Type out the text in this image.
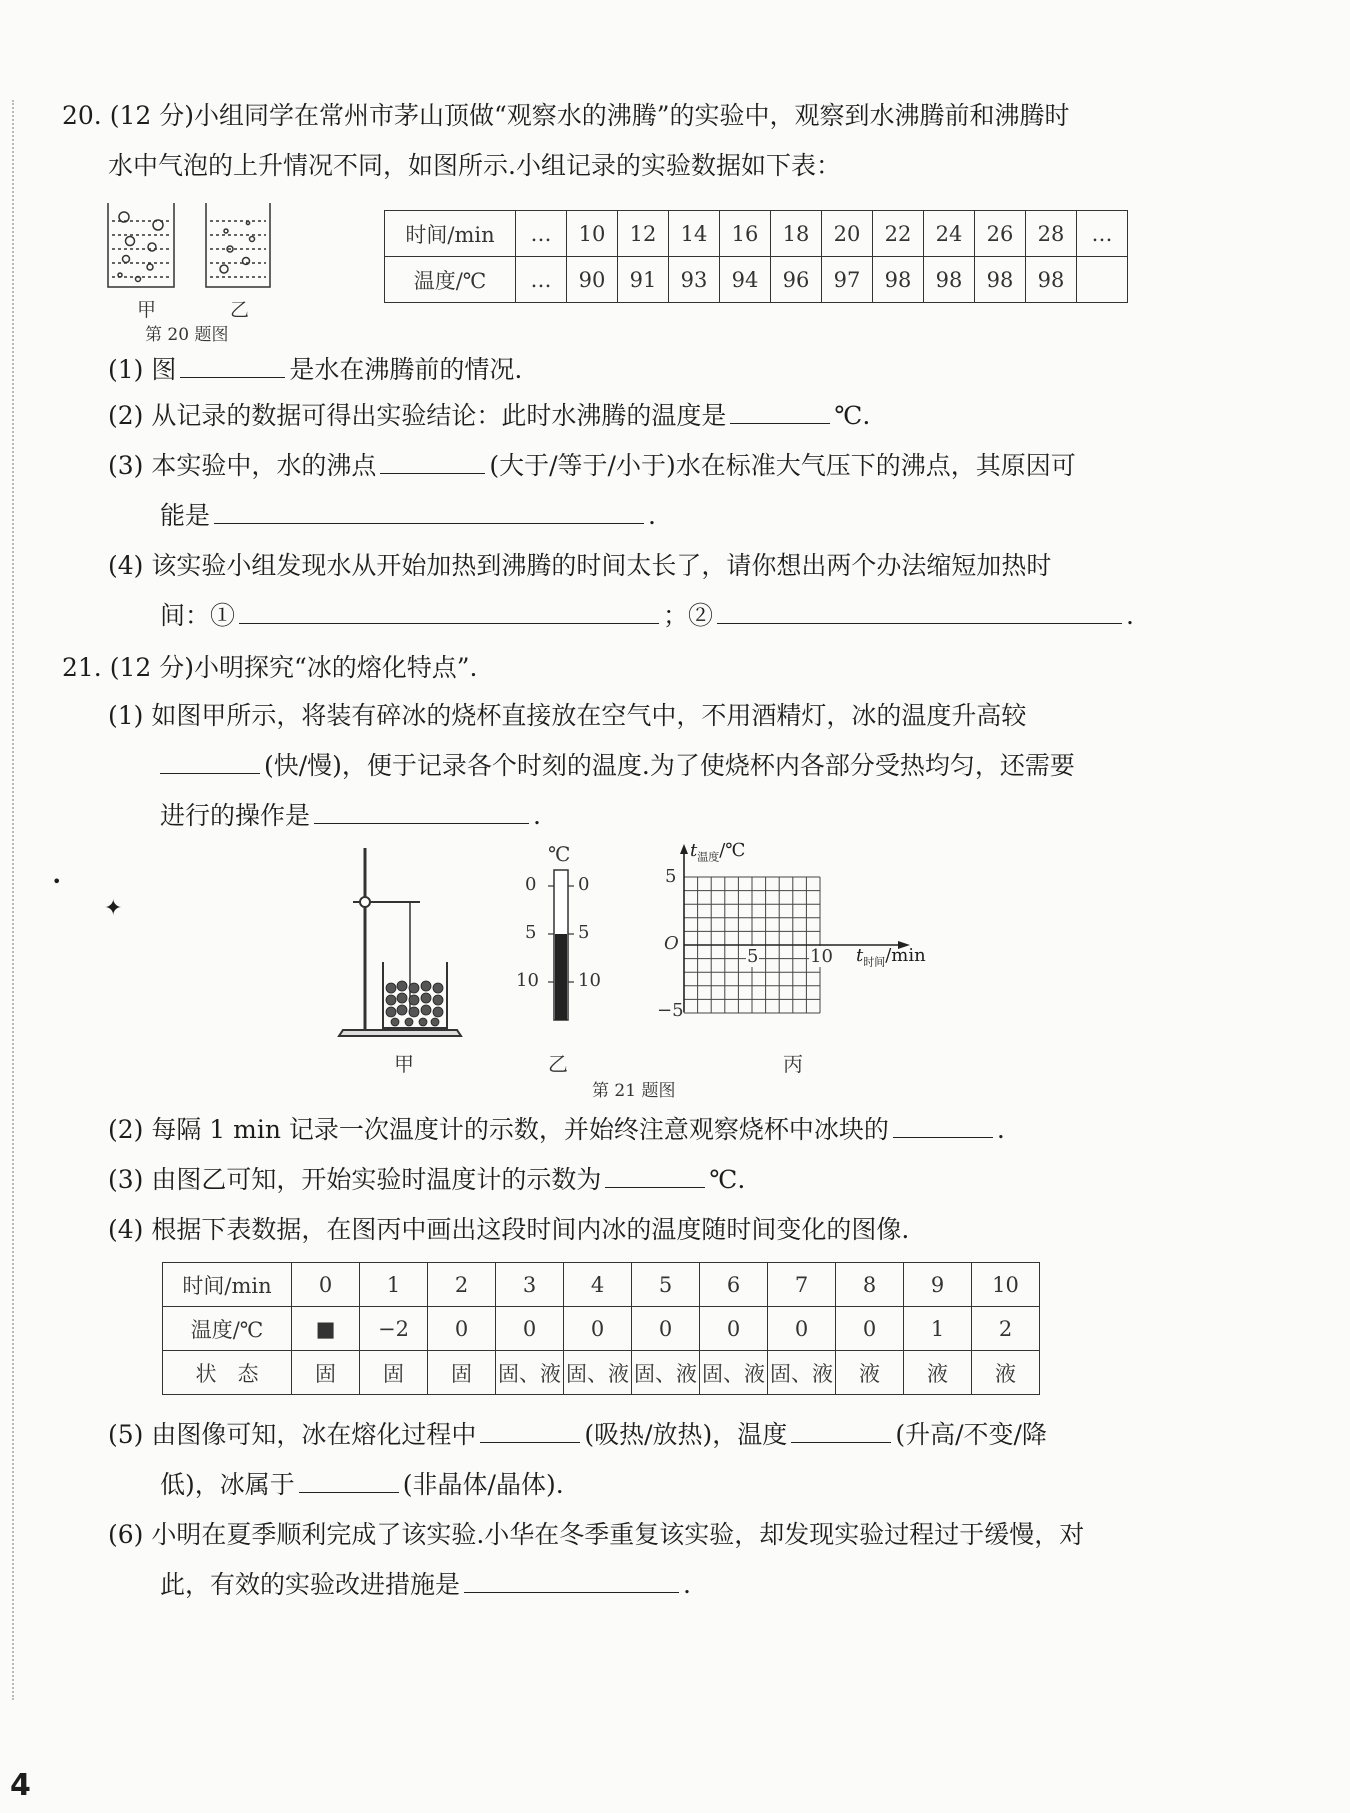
20. (12 分)小组同学在常州市茅山顶做“观察水的沸腾”的实验中，观察到水沸腾前和沸腾时
水中气泡的上升情况不同，如图所示.小组记录的实验数据如下表：
甲	乙
第 20 题图
时间/min	…	10	12	14	16	18	20	22	24	26	28	…
温度/℃	…	90	91	93	94	96	97	98	98	98	98	
(1) 图	是水在沸腾前的情况.
(2) 从记录的数据可得出实验结论：此时水沸腾的温度是	℃.
(3) 本实验中，水的沸点	(大于/等于/小于)水在标准大气压下的沸点，其原因可
能是	.
(4) 该实验小组发现水从开始加热到沸腾的时间太长了，请你想出两个办法缩短加热时
间：①	；②	.
21. (12 分)小明探究“冰的熔化特点”.
(1) 如图甲所示，将装有碎冰的烧杯直接放在空气中，不用酒精灯，冰的温度升高较
(快/慢)，便于记录各个时刻的温度.为了使烧杯内各部分受热均匀，还需要
进行的操作是	.
℃
0
5
10
0
5
10
$t_{温度}/℃$
$t_{时间}/\min$
5
O
−5
5	10
甲	乙	丙
第 21 题图
(2) 每隔 1 min 记录一次温度计的示数，并始终注意观察烧杯中冰块的	.
(3) 由图乙可知，开始实验时温度计的示数为	℃.
(4) 根据下表数据，在图丙中画出这段时间内冰的温度随时间变化的图像.
时间/min	0	1	2	3	4	5	6	7	8	9	10
温度/℃	■	−2	0	0	0	0	0	0	0	1	2
状　态	固	固	固	固、液	固、液	固、液	固、液	固、液	液	液	液
(5) 由图像可知，冰在熔化过程中	(吸热/放热)，温度	(升高/不变/降
低)，冰属于	(非晶体/晶体).
(6) 小明在夏季顺利完成了该实验.小华在冬季重复该实验，却发现实验过程过于缓慢，对
此，有效的实验改进措施是	.
•
✦
4
